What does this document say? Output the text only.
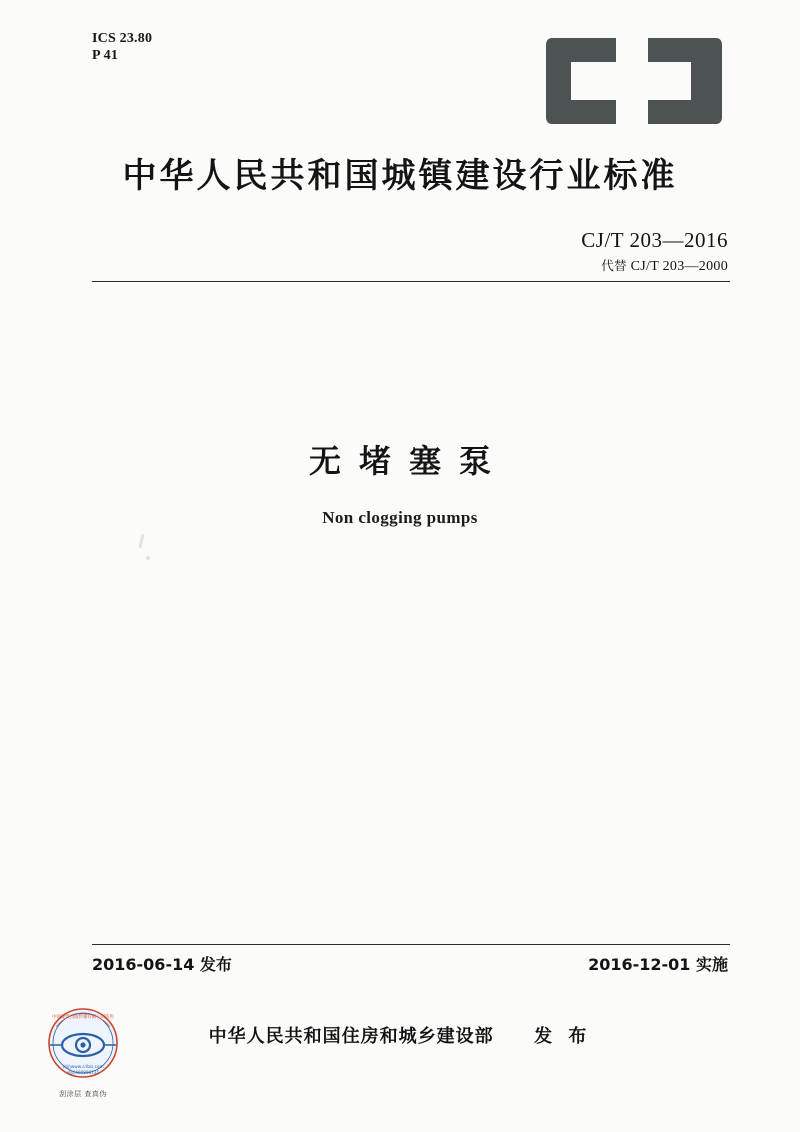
ICS 23.80
P 41
中华人民共和国城镇建设行业标准
CJ/T 203—2016
代替 CJ/T 203—2000
无堵塞泵
Non clogging pumps
2016-06-14 发布	2016-12-01 实施
中华人民共和国住房和城乡建设部 发 布
中国建筑出版传媒有限公司防伪
网站www.cribis.com
或拨400800721
刮涂层 查真伪
